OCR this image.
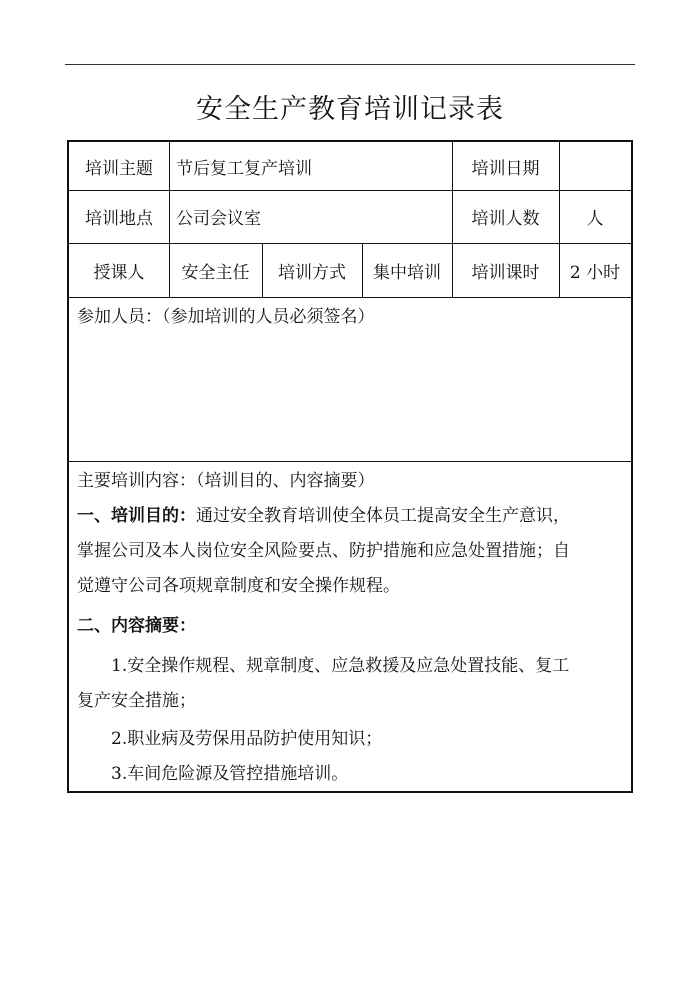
安全生产教育培训记录表
培训主题	节后复工复产培训	培训日期
培训地点	公司会议室	培训人数	人
授课人	安全主任	培训方式	集中培训	培训课时	2 小时
参加人员：（参加培训的人员必须签名）
主要培训内容：（培训目的、内容摘要）
一、培训目的：通过安全教育培训使全体员工提高安全生产意识，
掌握公司及本人岗位安全风险要点、防护措施和应急处置措施；自
觉遵守公司各项规章制度和安全操作规程。
二、内容摘要：
1.安全操作规程、规章制度、应急救援及应急处置技能、复工
复产安全措施；
2.职业病及劳保用品防护使用知识；
3.车间危险源及管控措施培训。
